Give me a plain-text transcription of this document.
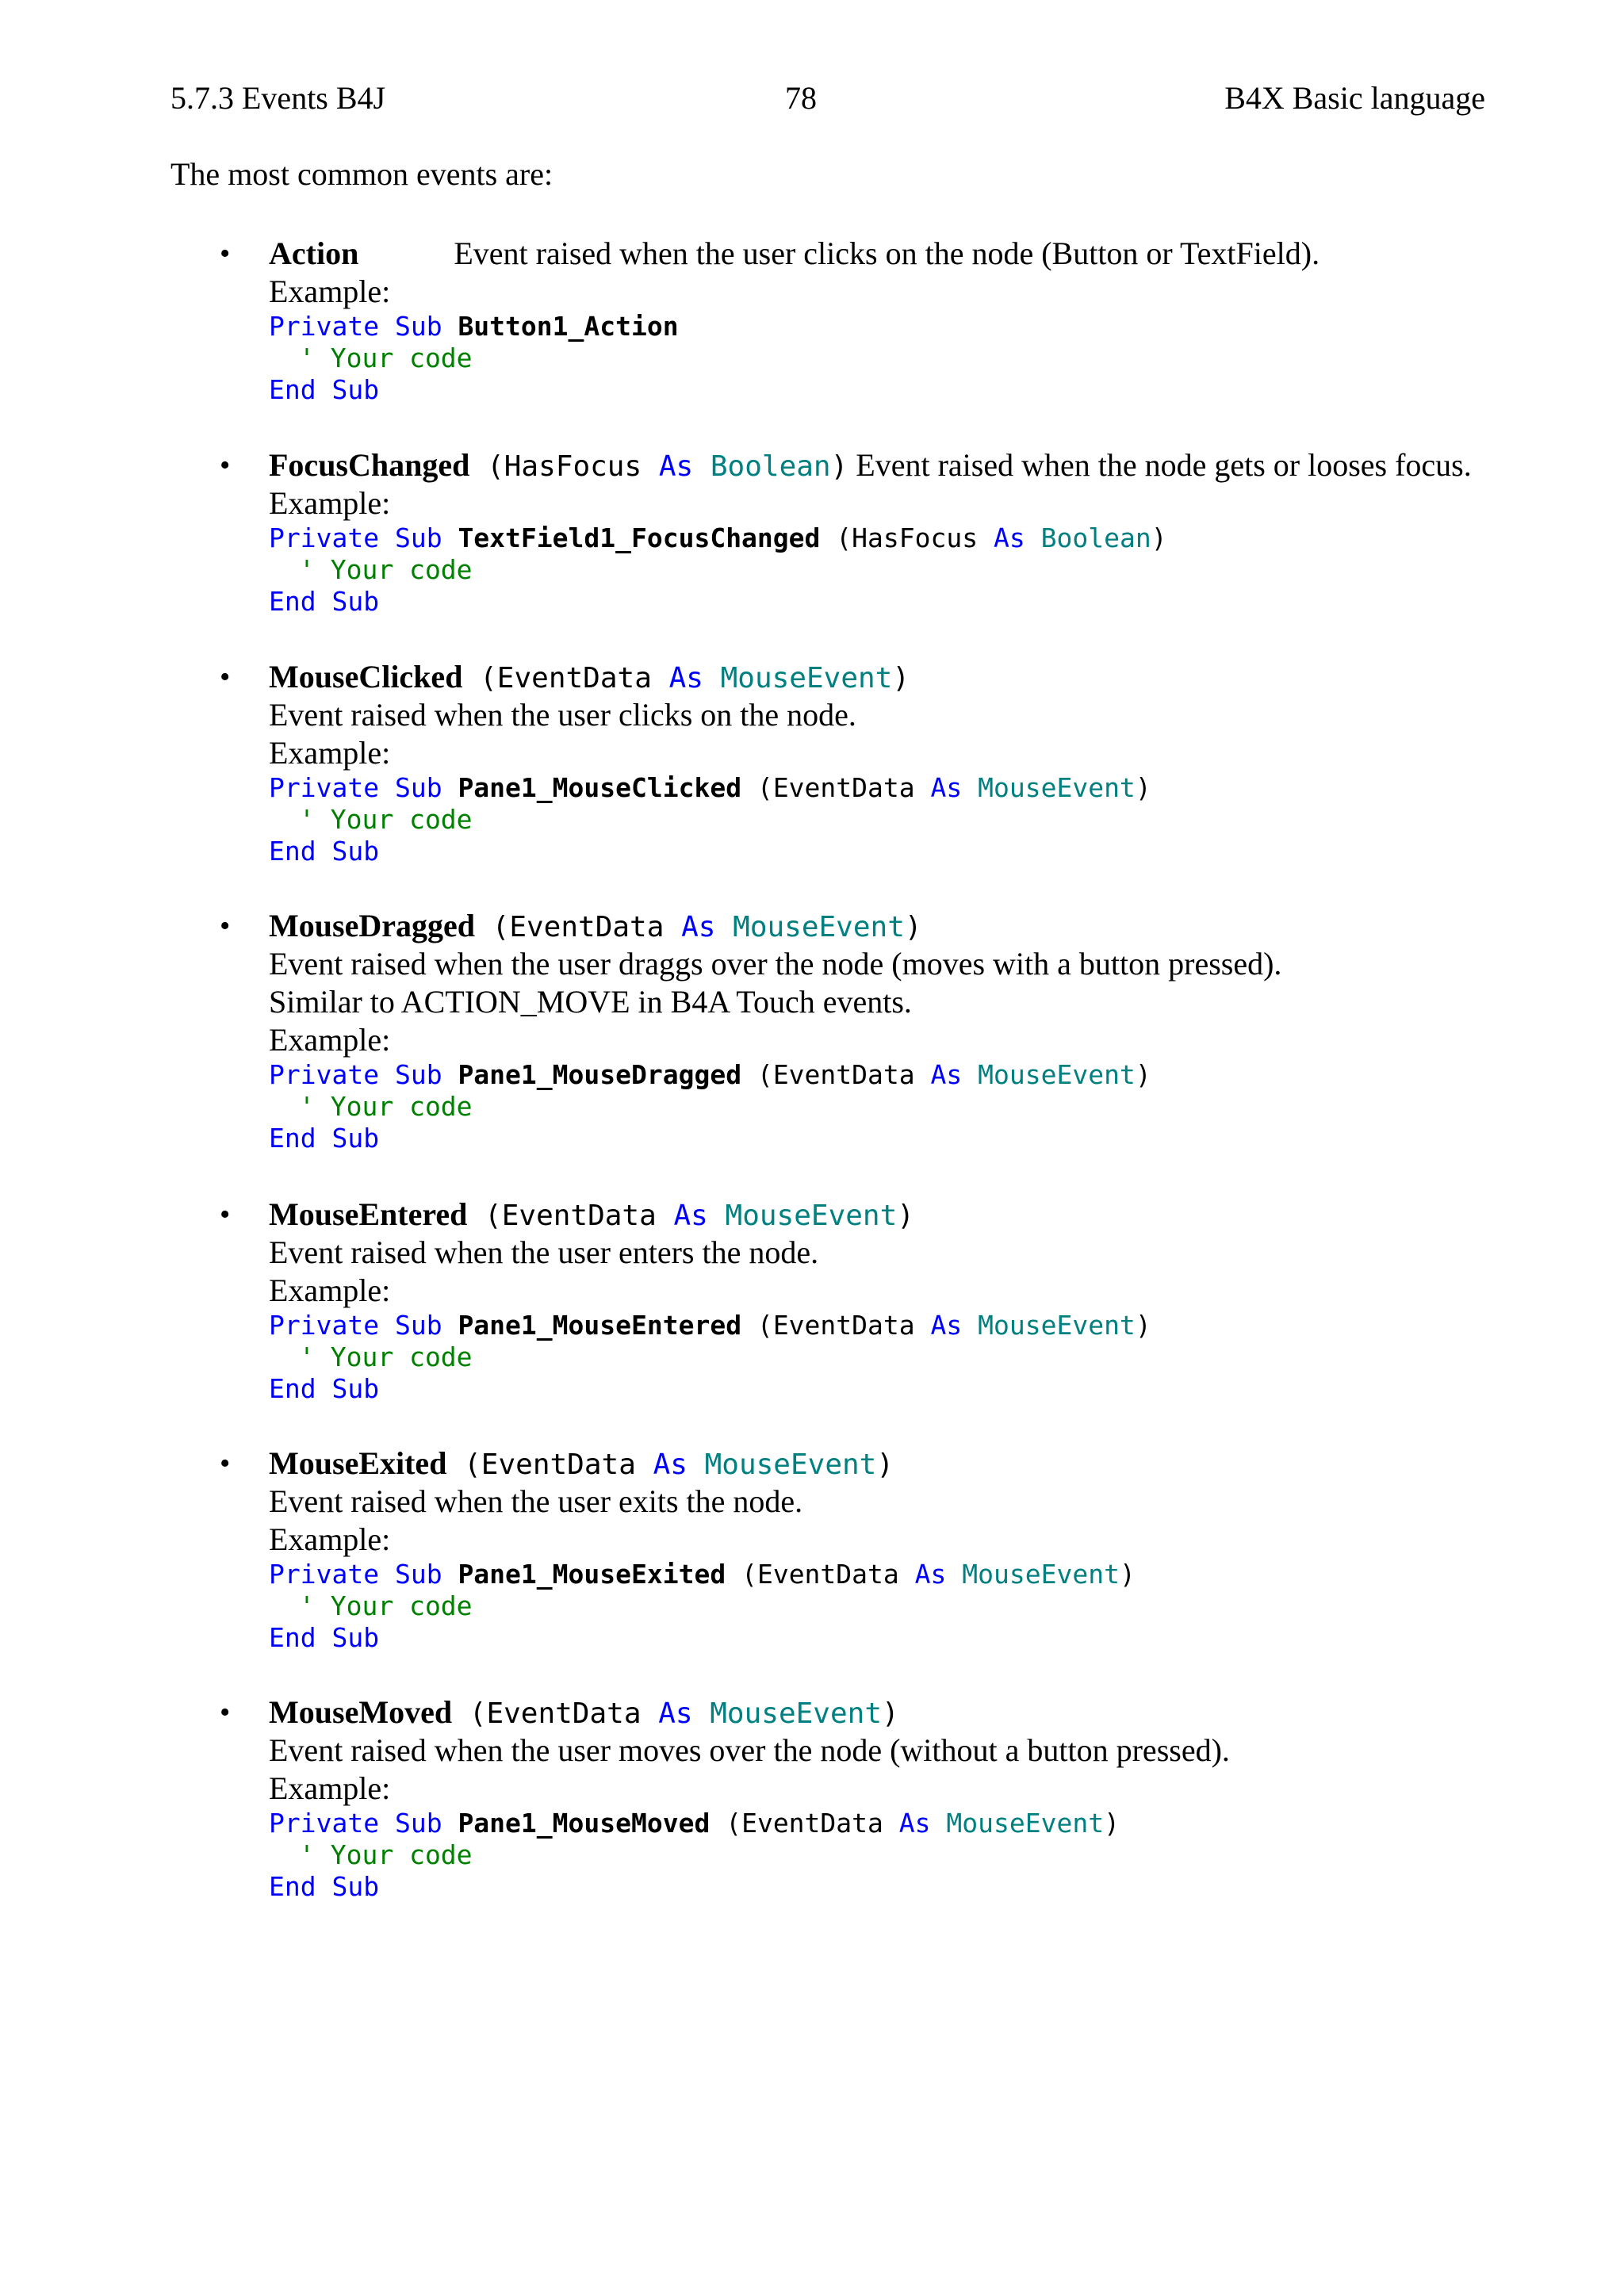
5.7.3 Events B4J	78	B4X Basic language
The most common events are:
• Action	Event raised when the user clicks on the node (Button or TextField).
Example:
Private Sub Button1_Action
' Your code
End Sub
• FocusChanged (HasFocus As Boolean) Event raised when the node gets or looses focus.
Example:
Private Sub TextField1_FocusChanged (HasFocus As Boolean)
' Your code
End Sub
• MouseClicked (EventData As MouseEvent)
Event raised when the user clicks on the node.
Example:
Private Sub Pane1_MouseClicked (EventData As MouseEvent)
' Your code
End Sub
• MouseDragged (EventData As MouseEvent)
Event raised when the user draggs over the node (moves with a button pressed).
Similar to ACTION_MOVE in B4A Touch events.
Example:
Private Sub Pane1_MouseDragged (EventData As MouseEvent)
' Your code
End Sub
• MouseEntered (EventData As MouseEvent)
Event raised when the user enters the node.
Example:
Private Sub Pane1_MouseEntered (EventData As MouseEvent)
' Your code
End Sub
• MouseExited (EventData As MouseEvent)
Event raised when the user exits the node.
Example:
Private Sub Pane1_MouseExited (EventData As MouseEvent)
' Your code
End Sub
• MouseMoved (EventData As MouseEvent)
Event raised when the user moves over the node (without a button pressed).
Example:
Private Sub Pane1_MouseMoved (EventData As MouseEvent)
' Your code
End Sub
